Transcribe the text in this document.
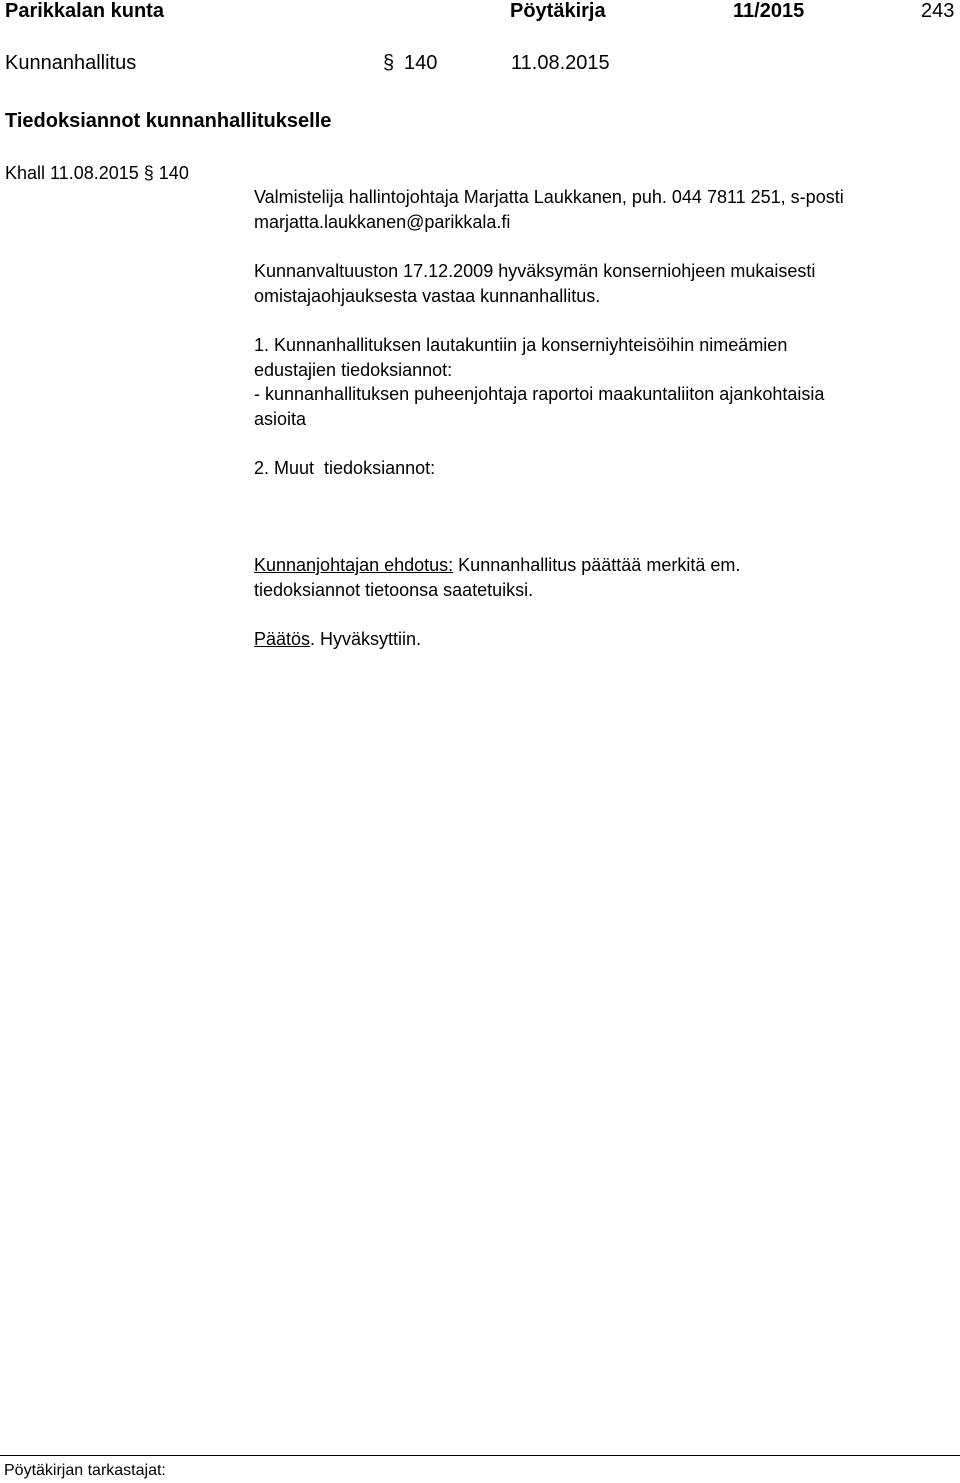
Parikkalan kunta	Pöytäkirja	11/2015	243
Kunnanhallitus	§ 140	11.08.2015
Tiedoksiannot kunnanhallitukselle
Khall 11.08.2015 § 140
Valmistelija hallintojohtaja Marjatta Laukkanen, puh. 044 7811 251, s-posti
marjatta.laukkanen@parikkala.fi
Kunnanvaltuuston 17.12.2009 hyväksymän konserniohjeen mukaisesti
omistajaohjauksesta vastaa kunnanhallitus.
1. Kunnanhallituksen lautakuntiin ja konserniyhteisöihin nimeämien
edustajien tiedoksiannot:
- kunnanhallituksen puheenjohtaja raportoi maakuntaliiton ajankohtaisia
asioita
2. Muut  tiedoksiannot:
Kunnanjohtajan ehdotus: Kunnanhallitus päättää merkitä em.
tiedoksiannot tietoonsa saatetuiksi.
Päätös. Hyväksyttiin.
Pöytäkirjan tarkastajat:
